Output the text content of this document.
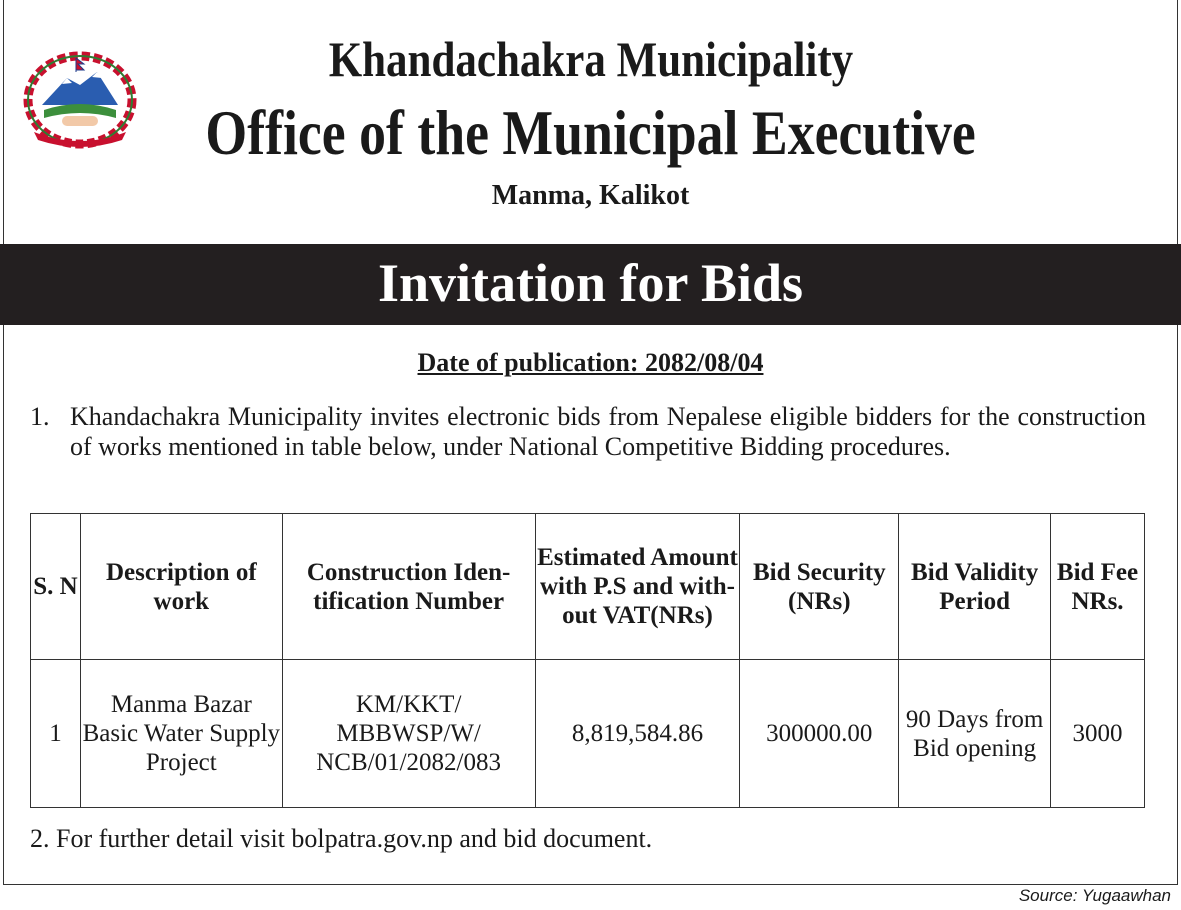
Khandachakra Municipality
Office of the Municipal Executive
Manma, Kalikot
Invitation for Bids
Date of publication: 2082/08/04
1. Khandachakra Municipality invites electronic bids from Nepalese eligible bidders for the construction of works mentioned in table below, under National Competitive Bidding procedures.
S. N	Description of work	Construction Iden-tification Number	Estimated Amount with P.S and with-out VAT(NRs)	Bid Security (NRs)	Bid Validity Period	Bid Fee NRs.
1	Manma Bazar Basic Water Supply Project	KM/KKT/ MBBWSP/W/ NCB/01/2082/083	8,819,584.86	300000.00	90 Days from Bid opening	3000
2. For further detail visit bolpatra.gov.np and bid document.
Source: Yugaawhan
